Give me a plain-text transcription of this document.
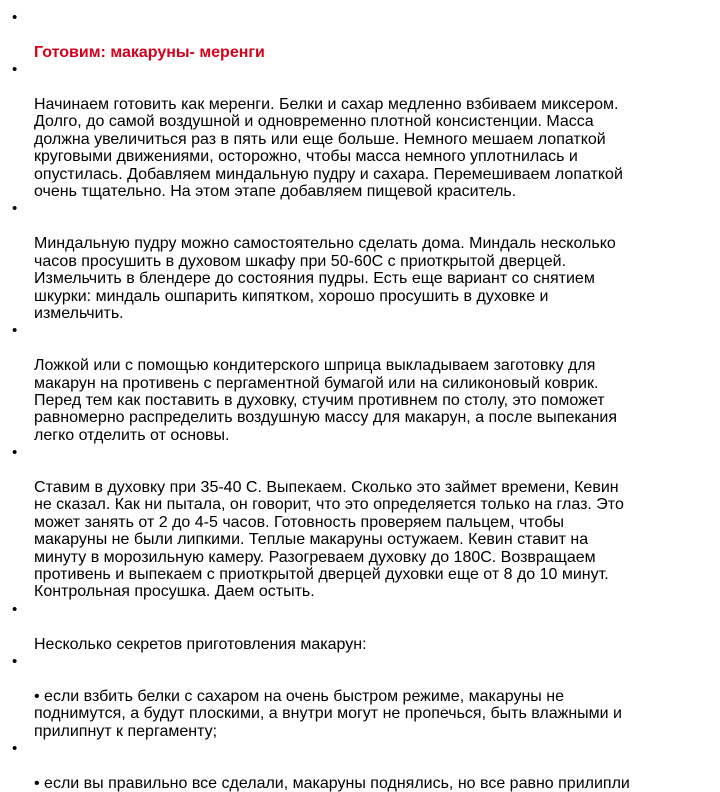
•

Готовим: макаруны- меренги

•

Начинаем готовить как меренги. Белки и сахар медленно взбиваем миксером.
Долго, до самой воздушной и одновременно плотной консистенции. Масса
должна увеличиться раз в пять или еще больше. Немного мешаем лопаткой
круговыми движениями, осторожно, чтобы масса немного уплотнилась и
опустилась. Добавляем миндальную пудру и сахара. Перемешиваем лопаткой
очень тщательно. На этом этапе добавляем пищевой краситель.

•

Миндальную пудру можно самостоятельно сделать дома. Миндаль несколько
часов просушить в духовом шкафу при 50-60С с приоткрытой дверцей.
Измельчить в блендере до состояния пудры. Есть еще вариант со снятием
шкурки: миндаль ошпарить кипятком, хорошо просушить в духовке и
измельчить.

•

Ложкой или с помощью кондитерского шприца выкладываем заготовку для
макарун на противень с пергаментной бумагой или на силиконовый коврик.
Перед тем как поставить в духовку, стучим противнем по столу, это поможет
равномерно распределить воздушную массу для макарун, а после выпекания
легко отделить от основы.

•

Ставим в духовку при 35-40 С. Выпекаем. Сколько это займет времени, Кевин
не сказал. Как ни пытала, он говорит, что это определяется только на глаз. Это
может занять от 2 до 4-5 часов. Готовность проверяем пальцем, чтобы
макаруны не были липкими. Теплые макаруны остужаем. Кевин ставит на
минуту в морозильную камеру. Разогреваем духовку до 180С. Возвращаем
противень и выпекаем с приоткрытой дверцей духовки еще от 8 до 10 минут.
Контрольная просушка. Даем остыть.

•

Несколько секретов приготовления макарун:

•

• если взбить белки с сахаром на очень быстром режиме, макаруны не
поднимутся, а будут плоскими, а внутри могут не пропечься, быть влажными и
прилипнут к пергаменту;

•

• если вы правильно все сделали, макаруны поднялись, но все равно прилипли
